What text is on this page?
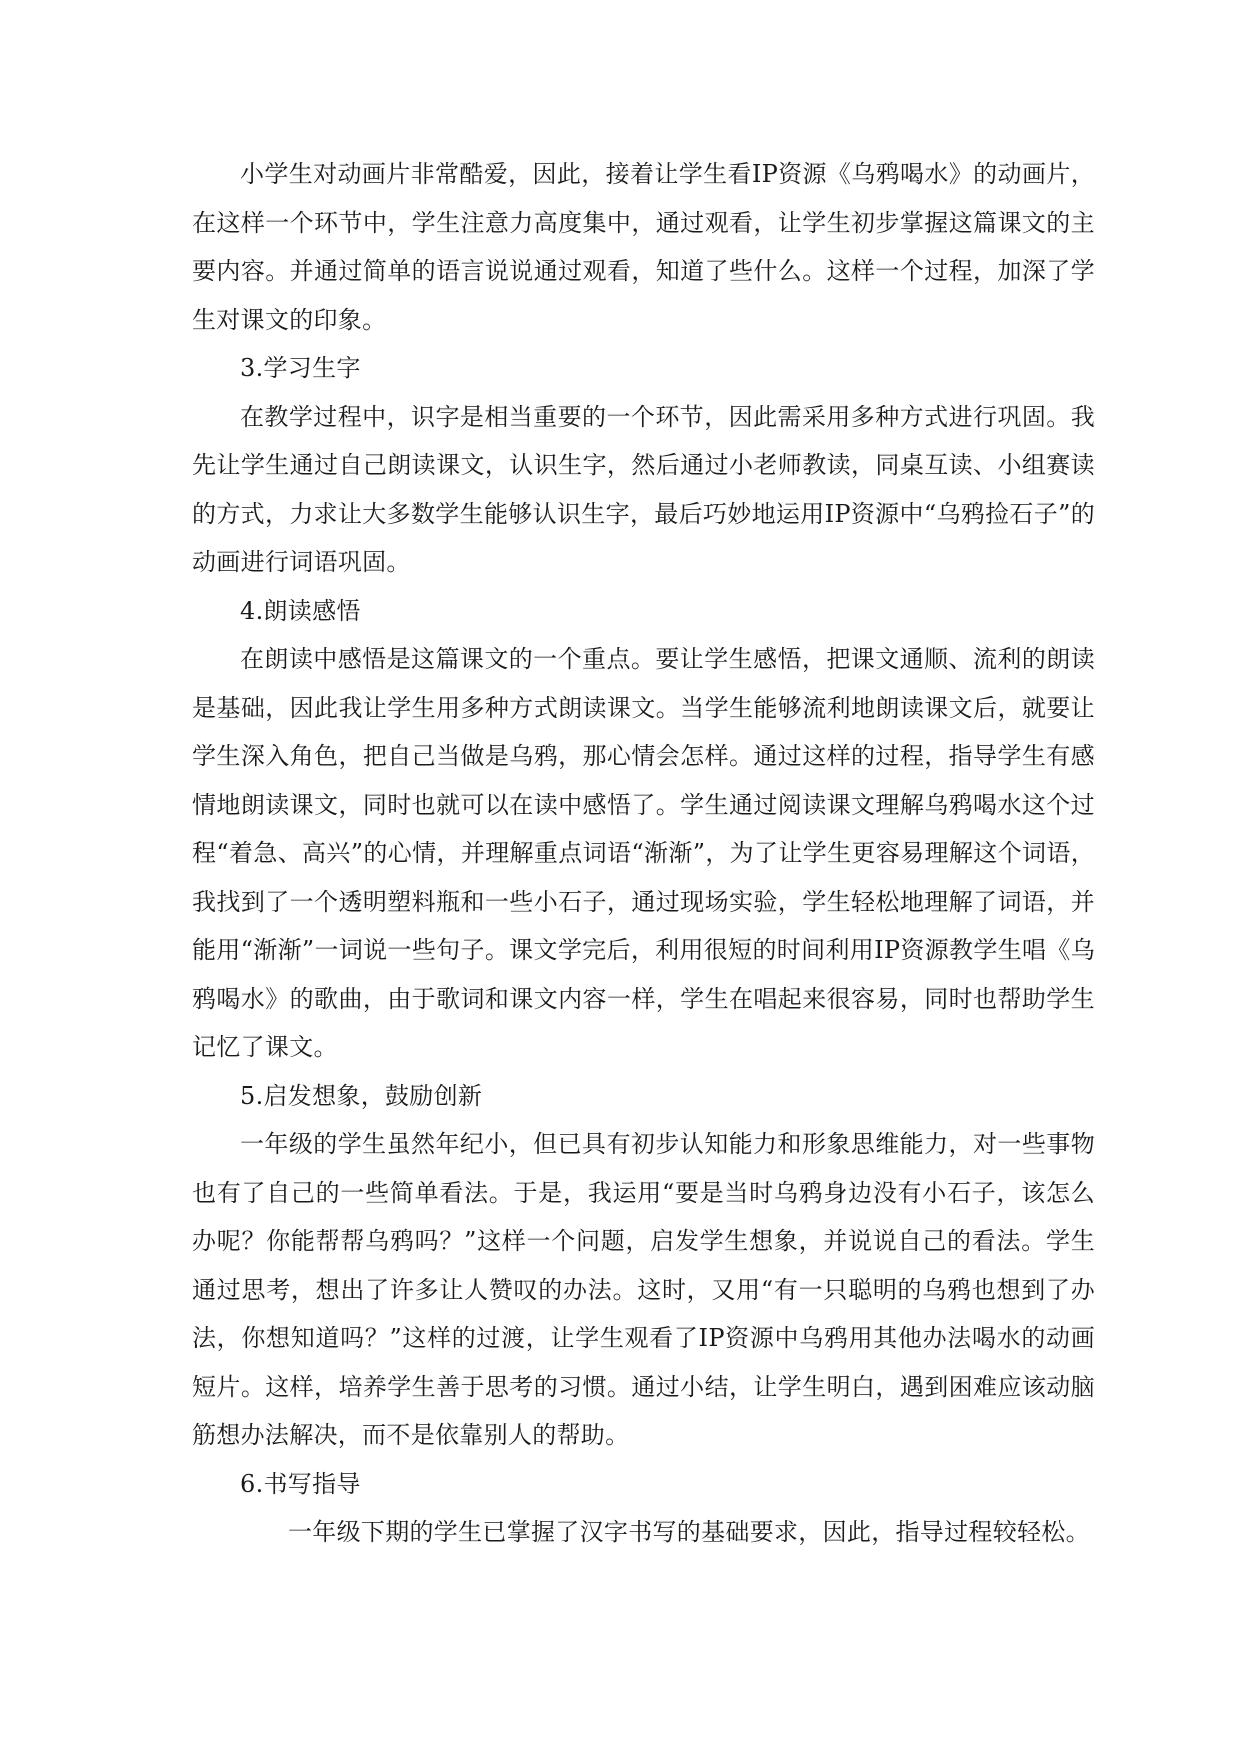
小学生对动画片非常酷爱，因此，接着让学生看IP资源《乌鸦喝水》的动画片，在这样一个环节中，学生注意力高度集中，通过观看，让学生初步掌握这篇课文的主要内容。并通过简单的语言说说通过观看，知道了些什么。这样一个过程，加深了学生对课文的印象。

3.学习生字

在教学过程中，识字是相当重要的一个环节，因此需采用多种方式进行巩固。我先让学生通过自己朗读课文，认识生字，然后通过小老师教读，同桌互读、小组赛读的方式，力求让大多数学生能够认识生字，最后巧妙地运用IP资源中“乌鸦捡石子”的动画进行词语巩固。

4.朗读感悟

在朗读中感悟是这篇课文的一个重点。要让学生感悟，把课文通顺、流利的朗读是基础，因此我让学生用多种方式朗读课文。当学生能够流利地朗读课文后，就要让学生深入角色，把自己当做是乌鸦，那心情会怎样。通过这样的过程，指导学生有感情地朗读课文，同时也就可以在读中感悟了。学生通过阅读课文理解乌鸦喝水这个过程“着急、高兴”的心情，并理解重点词语“渐渐”，为了让学生更容易理解这个词语，我找到了一个透明塑料瓶和一些小石子，通过现场实验，学生轻松地理解了词语，并能用“渐渐”一词说一些句子。课文学完后，利用很短的时间利用IP资源教学生唱《乌鸦喝水》的歌曲，由于歌词和课文内容一样，学生在唱起来很容易，同时也帮助学生记忆了课文。

5.启发想象，鼓励创新

一年级的学生虽然年纪小，但已具有初步认知能力和形象思维能力，对一些事物也有了自己的一些简单看法。于是，我运用“要是当时乌鸦身边没有小石子，该怎么办呢？你能帮帮乌鸦吗？”这样一个问题，启发学生想象，并说说自己的看法。学生通过思考，想出了许多让人赞叹的办法。这时，又用“有一只聪明的乌鸦也想到了办法，你想知道吗？”这样的过渡，让学生观看了IP资源中乌鸦用其他办法喝水的动画短片。这样，培养学生善于思考的习惯。通过小结，让学生明白，遇到困难应该动脑筋想办法解决，而不是依靠别人的帮助。

6.书写指导

一年级下期的学生已掌握了汉字书写的基础要求，因此，指导过程较轻松。
